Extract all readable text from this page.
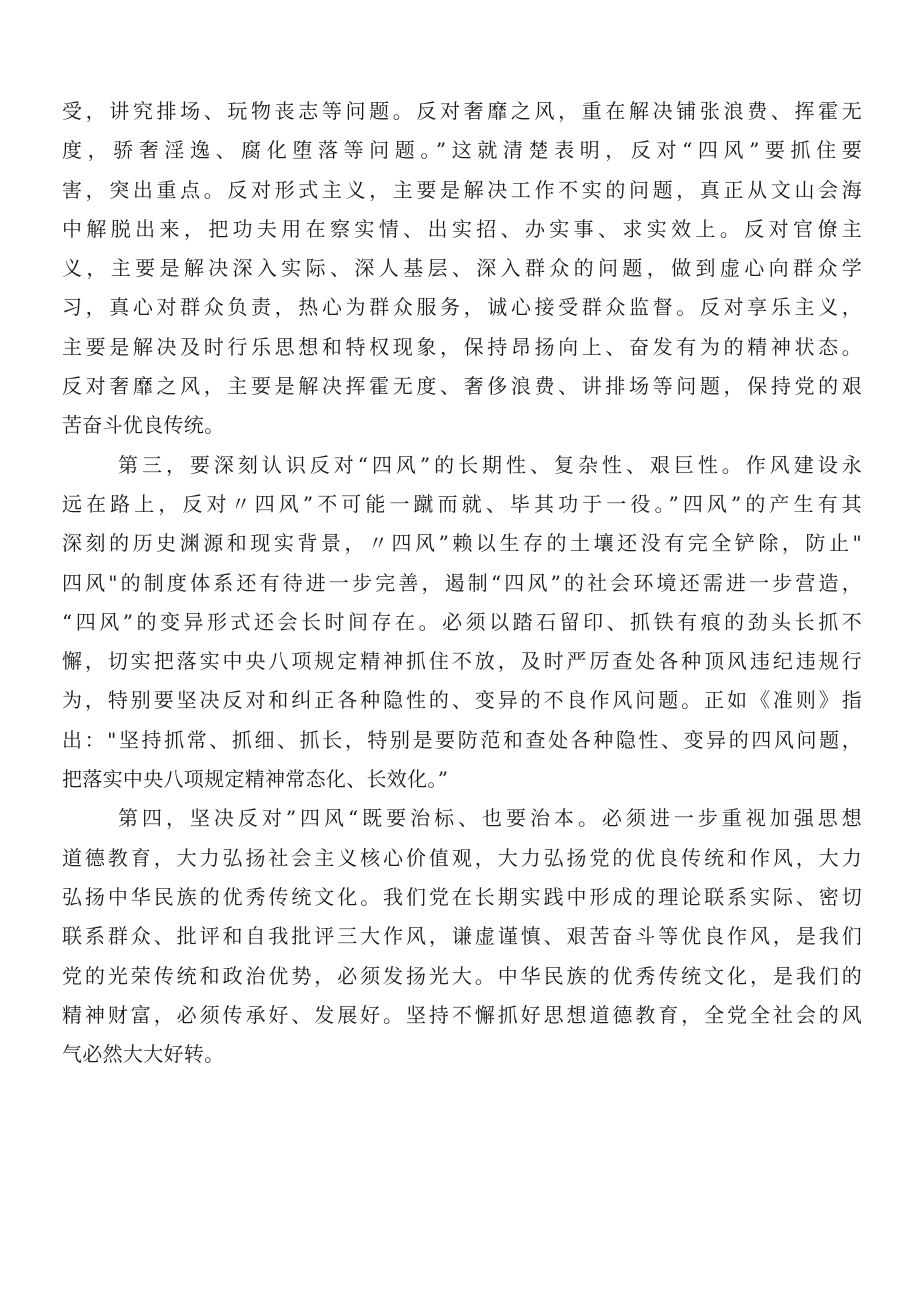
受，讲究排场、玩物丧志等问题。反对奢靡之风，重在解决铺张浪费、挥霍无
度，骄奢淫逸、腐化堕落等问题。”这就清楚表明，反对“四风”要抓住要
害，突出重点。反对形式主义，主要是解决工作不实的问题，真正从文山会海
中解脱出来，把功夫用在察实情、出实招、办实事、求实效上。反对官僚主
义，主要是解决深入实际、深人基层、深入群众的问题，做到虚心向群众学
习，真心对群众负责，热心为群众服务，诚心接受群众监督。反对享乐主义，
主要是解决及时行乐思想和特权现象，保持昂扬向上、奋发有为的精神状态。
反对奢靡之风，主要是解决挥霍无度、奢侈浪费、讲排场等问题，保持党的艰
苦奋斗优良传统。
第三，要深刻认识反对“四风”的长期性、复杂性、艰巨性。作风建设永
远在路上，反对〃四风”不可能一蹴而就、毕其功于一役。”四风”的产生有其
深刻的历史渊源和现实背景，〃四风”赖以生存的土壤还没有完全铲除，防止"
四风"的制度体系还有待进一步完善，遏制“四风”的社会环境还需进一步营造，
“四风”的变异形式还会长时间存在。必须以踏石留印、抓铁有痕的劲头长抓不
懈，切实把落实中央八项规定精神抓住不放，及时严厉查处各种顶风违纪违规行
为，特别要坚决反对和纠正各种隐性的、变异的不良作风问题。正如《准则》指
出："坚持抓常、抓细、抓长，特别是要防范和查处各种隐性、变异的四风问题，
把落实中央八项规定精神常态化、长效化。”
第四，坚决反对”四风“既要治标、也要治本。必须进一步重视加强思想
道德教育，大力弘扬社会主义核心价值观，大力弘扬党的优良传统和作风，大力
弘扬中华民族的优秀传统文化。我们党在长期实践中形成的理论联系实际、密切
联系群众、批评和自我批评三大作风，谦虚谨慎、艰苦奋斗等优良作风，是我们
党的光荣传统和政治优势，必须发扬光大。中华民族的优秀传统文化，是我们的
精神财富，必须传承好、发展好。坚持不懈抓好思想道德教育，全党全社会的风
气必然大大好转。
